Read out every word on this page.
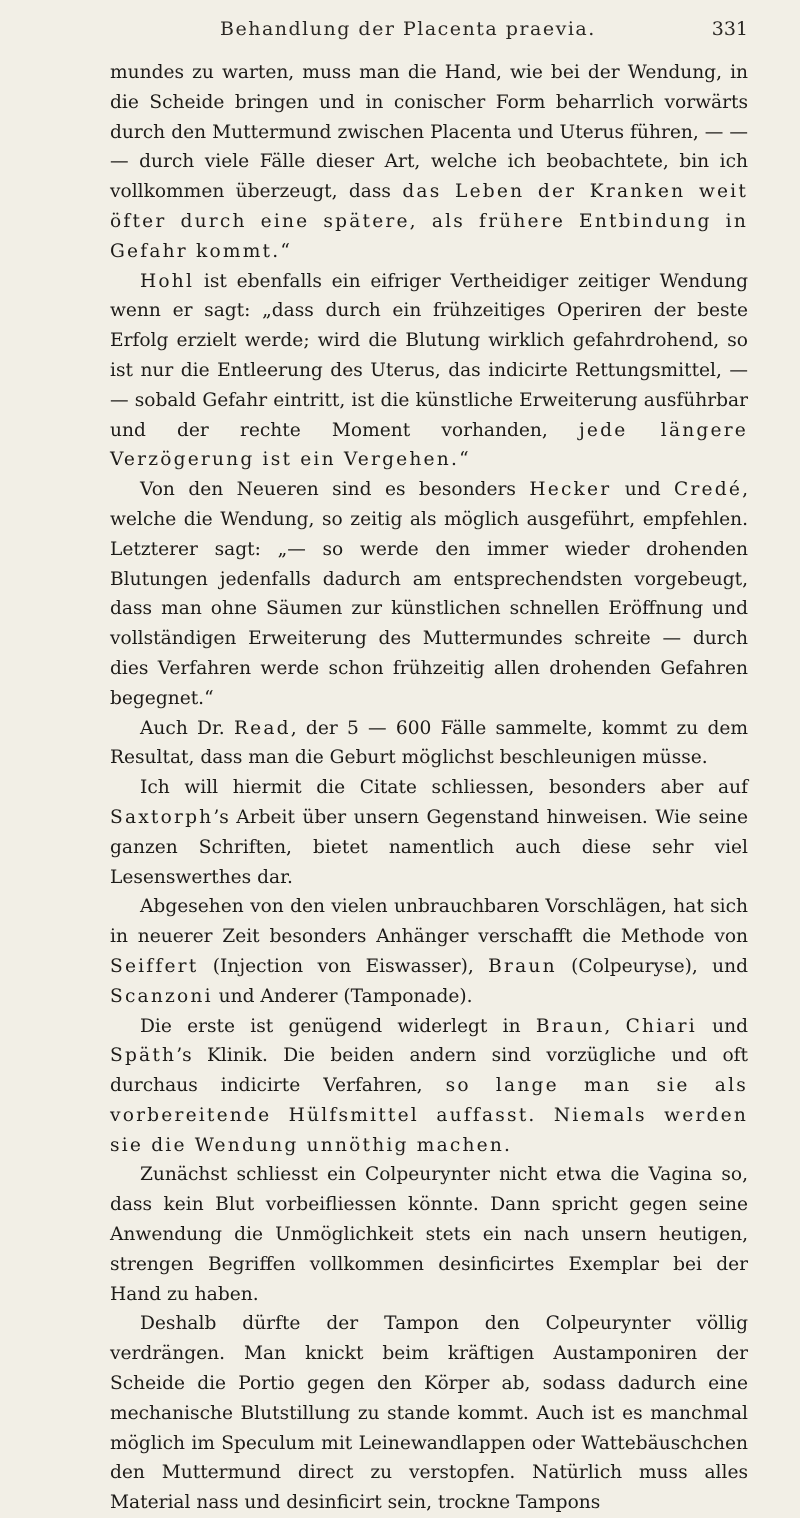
Behandlung der Placenta praevia.	331

mundes zu warten, muss man die Hand, wie bei der Wendung, in die Scheide bringen und in conischer Form beharrlich vorwärts durch den Muttermund zwischen Placenta und Uterus führen, — — — durch viele Fälle dieser Art, welche ich beobachtete, bin ich vollkommen überzeugt, dass das Leben der Kranken weit öfter durch eine spätere, als frühere Entbindung in Gefahr kommt.“

Hohl ist ebenfalls ein eifriger Vertheidiger zeitiger Wendung wenn er sagt: „dass durch ein frühzeitiges Operiren der beste Erfolg erzielt werde; wird die Blutung wirklich gefahrdrohend, so ist nur die Entleerung des Uterus, das indicirte Rettungsmittel, — — sobald Gefahr eintritt, ist die künstliche Erweiterung ausführbar und der rechte Moment vorhanden, jede längere Verzögerung ist ein Vergehen.“

Von den Neueren sind es besonders Hecker und Credé, welche die Wendung, so zeitig als möglich ausgeführt, empfehlen. Letzterer sagt: „— so werde den immer wieder drohenden Blutungen jedenfalls dadurch am entsprechendsten vorgebeugt, dass man ohne Säumen zur künstlichen schnellen Eröffnung und vollständigen Erweiterung des Muttermundes schreite — durch dies Verfahren werde schon frühzeitig allen drohenden Gefahren begegnet.“

Auch Dr. Read, der 5 — 600 Fälle sammelte, kommt zu dem Resultat, dass man die Geburt möglichst beschleunigen müsse.

Ich will hiermit die Citate schliessen, besonders aber auf Saxtorph’s Arbeit über unsern Gegenstand hinweisen. Wie seine ganzen Schriften, bietet namentlich auch diese sehr viel Lesenswerthes dar.

Abgesehen von den vielen unbrauchbaren Vorschlägen, hat sich in neuerer Zeit besonders Anhänger verschafft die Methode von Seiffert (Injection von Eiswasser), Braun (Colpeuryse), und Scanzoni und Anderer (Tamponade).

Die erste ist genügend widerlegt in Braun, Chiari und Späth’s Klinik. Die beiden andern sind vorzügliche und oft durchaus indicirte Verfahren, so lange man sie als vorbereitende Hülfsmittel auffasst. Niemals werden sie die Wendung unnöthig machen.

Zunächst schliesst ein Colpeurynter nicht etwa die Vagina so, dass kein Blut vorbeifliessen könnte. Dann spricht gegen seine Anwendung die Unmöglichkeit stets ein nach unsern heutigen, strengen Begriffen vollkommen desinficirtes Exemplar bei der Hand zu haben.

Deshalb dürfte der Tampon den Colpeurynter völlig verdrängen. Man knickt beim kräftigen Austamponiren der Scheide die Portio gegen den Körper ab, sodass dadurch eine mechanische Blutstillung zu stande kommt. Auch ist es manchmal möglich im Speculum mit Leinewandlappen oder Wattebäuschchen den Muttermund direct zu verstopfen. Natürlich muss alles Material nass und desinficirt sein, trockne Tampons
